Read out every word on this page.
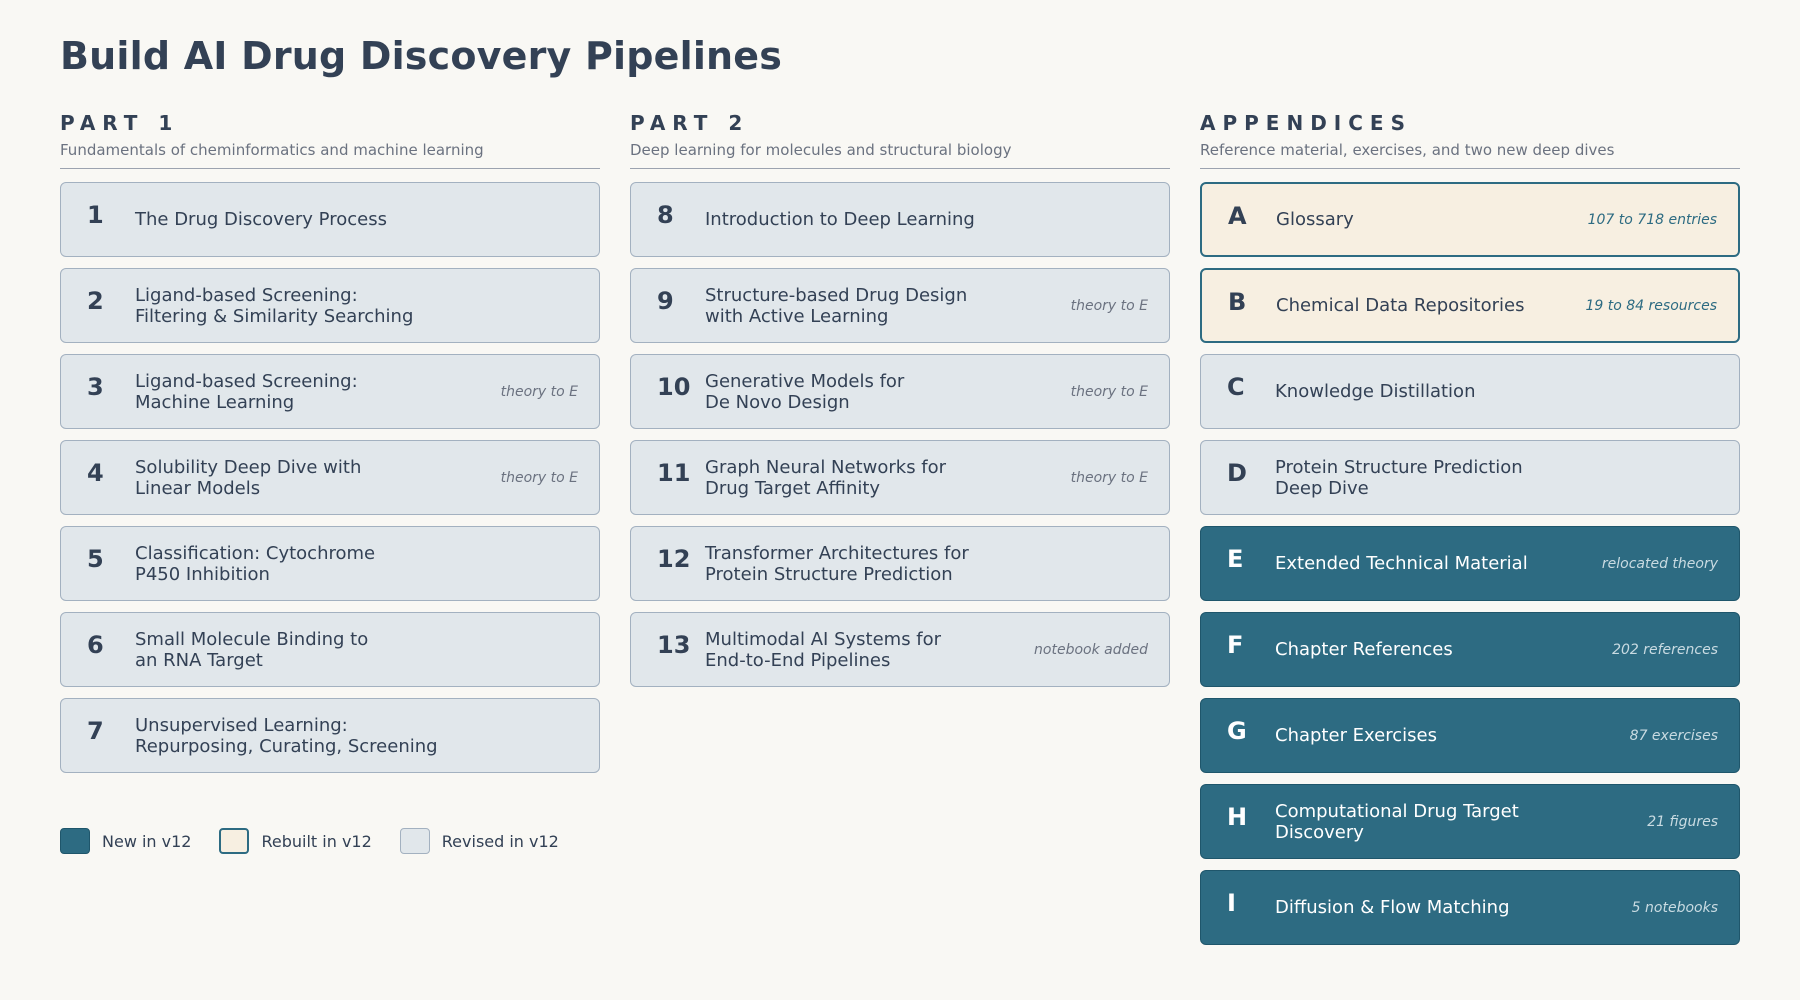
Build AI Drug Discovery Pipelines
PART 1
Fundamentals of cheminformatics and machine learning
1 The Drug Discovery Process
2 Ligand-based Screening:
Filtering & Similarity Searching
3 Ligand-based Screening:
Machine Learning	theory to E
4 Solubility Deep Dive with
Linear Models	theory to E
5 Classification: Cytochrome
P450 Inhibition
6 Small Molecule Binding to
an RNA Target
7 Unsupervised Learning:
Repurposing, Curating, Screening
PART 2
Deep learning for molecules and structural biology
8 Introduction to Deep Learning
9 Structure-based Drug Design
with Active Learning	theory to E
10 Generative Models for
De Novo Design	theory to E
11 Graph Neural Networks for
Drug Target Affinity	theory to E
12 Transformer Architectures for
Protein Structure Prediction
13 Multimodal AI Systems for
End-to-End Pipelines	notebook added
APPENDICES
Reference material, exercises, and two new deep dives
A Glossary	107 to 718 entries
B Chemical Data Repositories	19 to 84 resources
C Knowledge Distillation
D Protein Structure Prediction
Deep Dive
E Extended Technical Material	relocated theory
F Chapter References	202 references
G Chapter Exercises	87 exercises
H Computational Drug Target
Discovery	21 figures
I Diffusion & Flow Matching	5 notebooks
New in v12	Rebuilt in v12	Revised in v12
